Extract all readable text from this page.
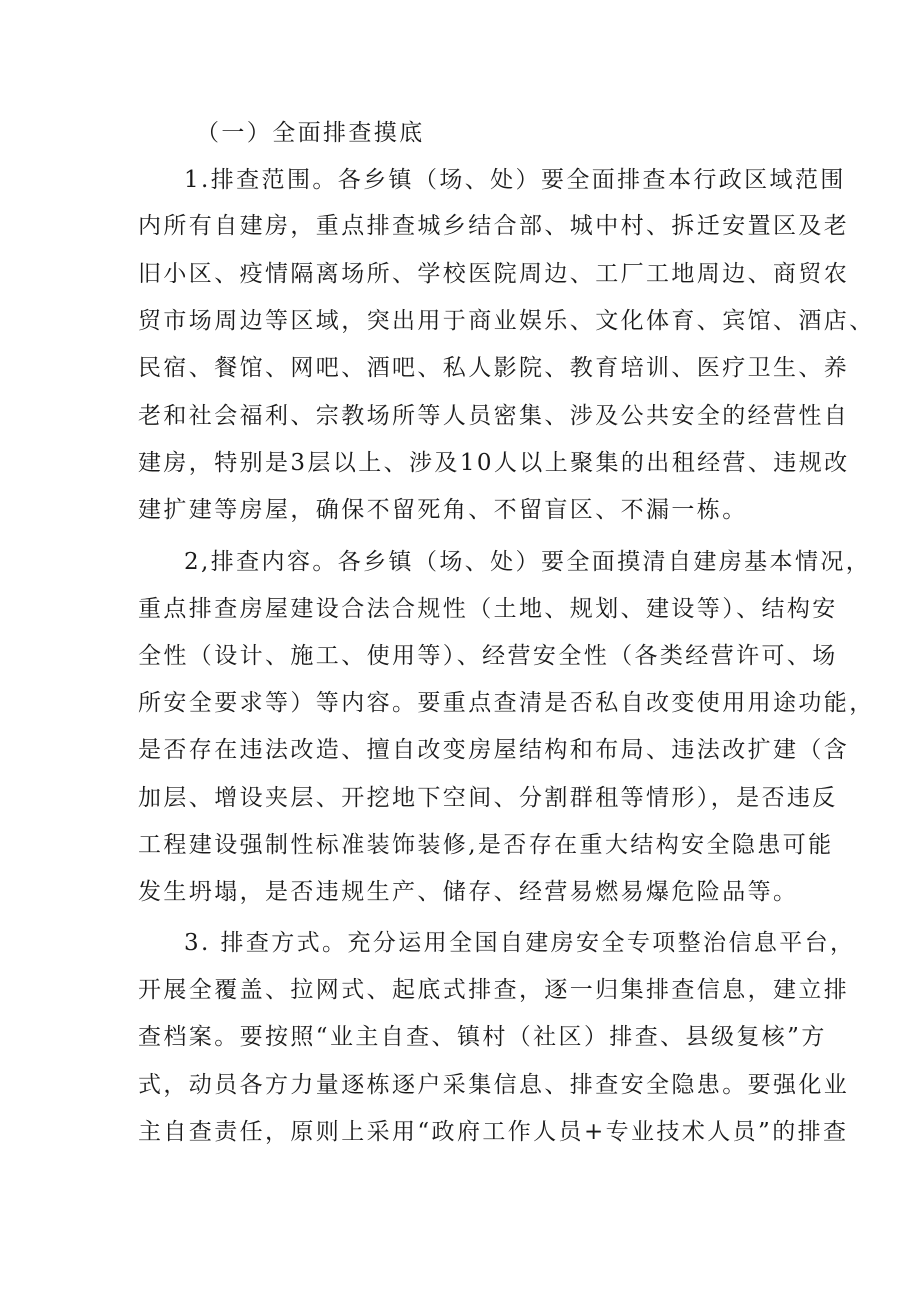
（一）全面排查摸底
1.排查范围。各乡镇（场、处）要全面排查本行政区域范围
内所有自建房，重点排查城乡结合部、城中村、拆迁安置区及老
旧小区、疫情隔离场所、学校医院周边、工厂工地周边、商贸农
贸市场周边等区域，突出用于商业娱乐、文化体育、宾馆、酒店、
民宿、餐馆、网吧、酒吧、私人影院、教育培训、医疗卫生、养
老和社会福利、宗教场所等人员密集、涉及公共安全的经营性自
建房，特别是3层以上、涉及10人以上聚集的出租经营、违规改
建扩建等房屋，确保不留死角、不留盲区、不漏一栋。
2,排查内容。各乡镇（场、处）要全面摸清自建房基本情况，
重点排查房屋建设合法合规性（土地、规划、建设等）、结构安
全性（设计、施工、使用等）、经营安全性（各类经营许可、场
所安全要求等）等内容。要重点查清是否私自改变使用用途功能，
是否存在违法改造、擅自改变房屋结构和布局、违法改扩建（含
加层、增设夹层、开挖地下空间、分割群租等情形），是否违反
工程建设强制性标准装饰装修,是否存在重大结构安全隐患可能
发生坍塌，是否违规生产、储存、经营易燃易爆危险品等。
3. 排查方式。充分运用全国自建房安全专项整治信息平台，
开展全覆盖、拉网式、起底式排查，逐一归集排查信息，建立排
查档案。要按照“业主自查、镇村（社区）排查、县级复核”方
式，动员各方力量逐栋逐户采集信息、排查安全隐患。要强化业
主自查责任，原则上采用“政府工作人员+专业技术人员”的排查
